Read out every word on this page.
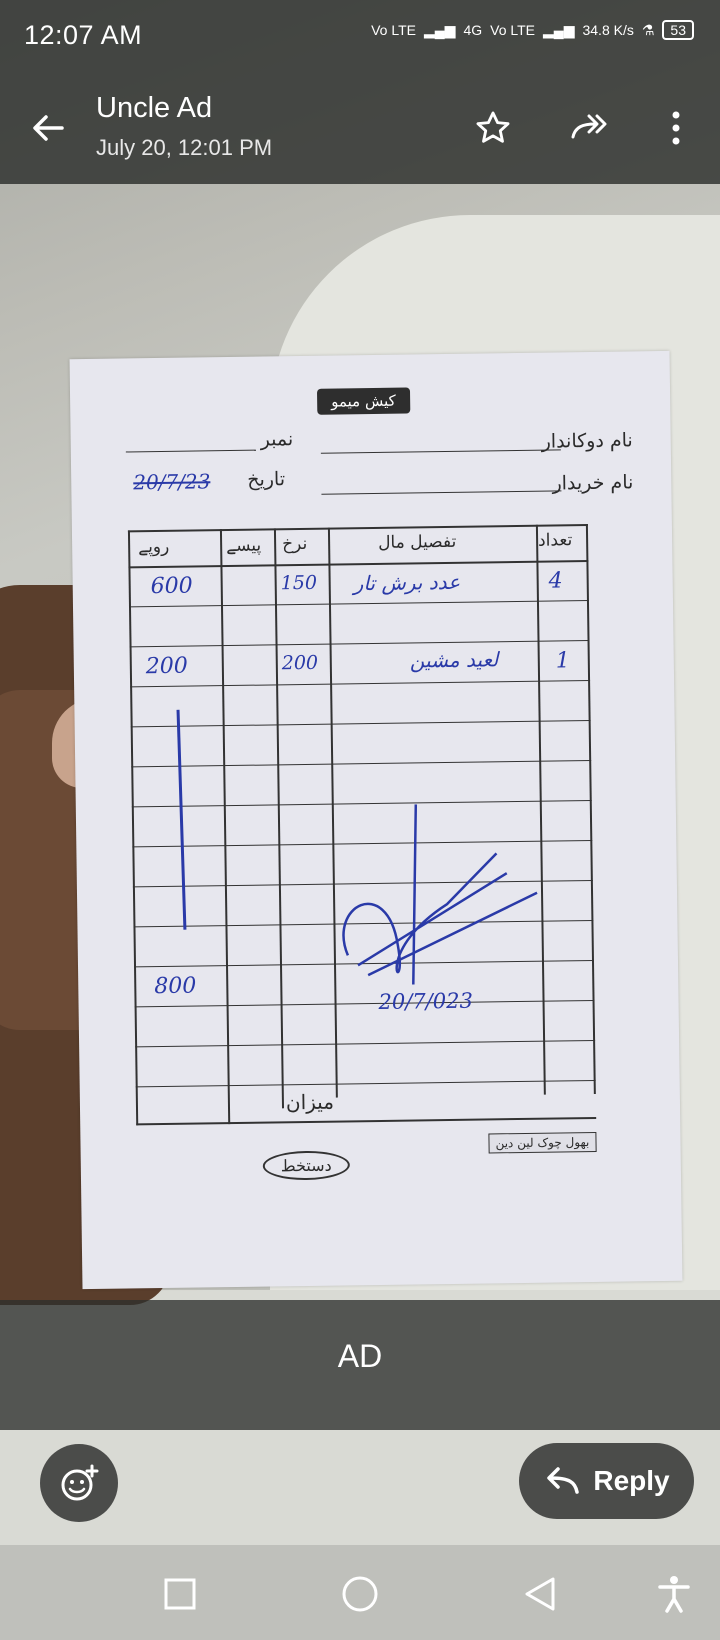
کیش میمو
نام دوکاندار
نمبر
نام خریدار
تاریخ
20/7/23
تعداد
تفصیل مال
نرخ
پیسے
روپے
4
عدد برش تار
150
600
1
لعید مشین
200
200
800
میزان
20/7/023
دستخط
بھول چوک لین دین
12:07 AM	Vo LTE ▂▄▆ 4G Vo LTE ▂▄▆ 34.8 K/s ⚗	53
Uncle Ad
July 20, 12:01 PM
AD
Reply
